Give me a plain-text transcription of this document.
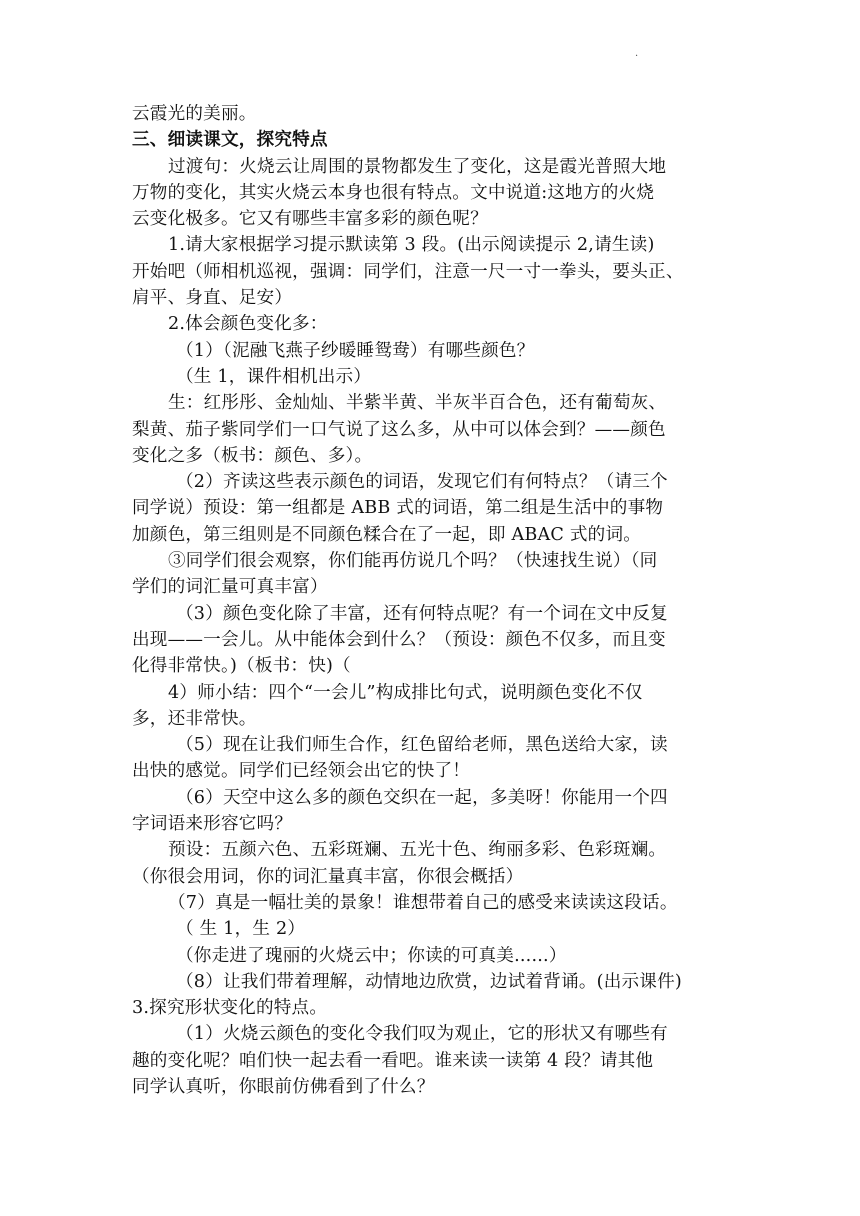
·
云霞光的美丽。
三、细读课文，探究特点
过渡句：火烧云让周围的景物都发生了变化，这是霞光普照大地
万物的变化，其实火烧云本身也很有特点。文中说道:这地方的火烧
云变化极多。它又有哪些丰富多彩的颜色呢？
1.请大家根据学习提示默读第 3 段。(出示阅读提示 2,请生读)
开始吧（师相机巡视，强调：同学们，注意一尺一寸一拳头，要头正、
肩平、身直、足安）
2.体会颜色变化多：
（1）（泥融飞燕子纱暖睡鸳鸯）有哪些颜色？
（生 1，课件相机出示）
生：红彤彤、金灿灿、半紫半黄、半灰半百合色，还有葡萄灰、
梨黄、茄子紫同学们一口气说了这么多，从中可以体会到？——颜色
变化之多（板书：颜色、多）。
（2）齐读这些表示颜色的词语，发现它们有何特点？（请三个
同学说）预设：第一组都是 ABB 式的词语，第二组是生活中的事物
加颜色，第三组则是不同颜色糅合在了一起，即 ABAC 式的词。
③同学们很会观察，你们能再仿说几个吗？（快速找生说）（同
学们的词汇量可真丰富）
（3）颜色变化除了丰富，还有何特点呢？有一个词在文中反复
出现——一会儿。从中能体会到什么？（预设：颜色不仅多，而且变
化得非常快。)（板书：快)（
4）师小结：四个“一会儿”构成排比句式，说明颜色变化不仅
多，还非常快。
（5）现在让我们师生合作，红色留给老师，黑色送给大家，读
出快的感觉。同学们已经领会出它的快了！
（6）天空中这么多的颜色交织在一起，多美呀！你能用一个四
字词语来形容它吗？
预设：五颜六色、五彩斑斓、五光十色、绚丽多彩、色彩斑斓。
（你很会用词，你的词汇量真丰富，你很会概括）
（7）真是一幅壮美的景象！谁想带着自己的感受来读读这段话。
（ 生 1，生 2）
（你走进了瑰丽的火烧云中；你读的可真美......）
（8）让我们带着理解，动情地边欣赏，边试着背诵。(出示课件)
3.探究形状变化的特点。
（1）火烧云颜色的变化令我们叹为观止，它的形状又有哪些有
趣的变化呢？咱们快一起去看一看吧。谁来读一读第 4 段？请其他
同学认真听，你眼前仿佛看到了什么？
